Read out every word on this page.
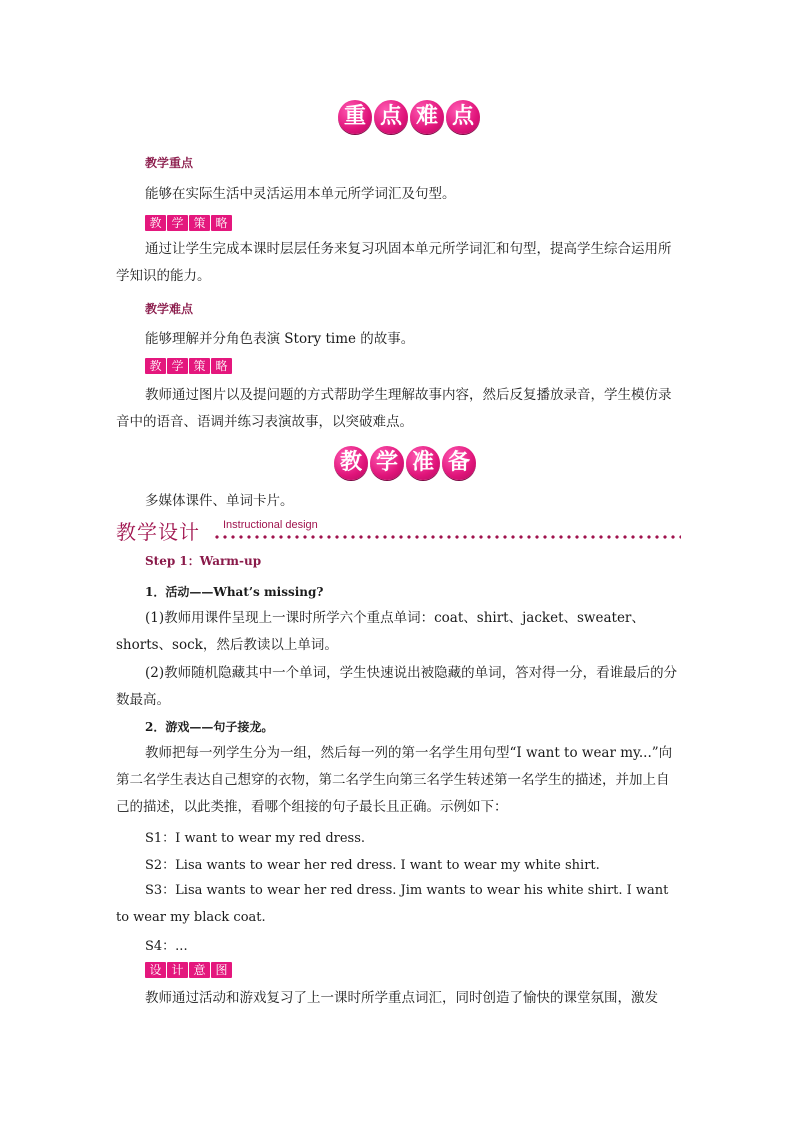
重 点 难 点
教学重点
能够在实际生活中灵活运用本单元所学词汇及句型。
教 学 策 略
通过让学生完成本课时层层任务来复习巩固本单元所学词汇和句型，提高学生综合运用所学知识的能力。
教学难点
能够理解并分角色表演 Story time 的故事。
教 学 策 略
教师通过图片以及提问题的方式帮助学生理解故事内容，然后反复播放录音，学生模仿录音中的语音、语调并练习表演故事，以突破难点。
教 学 准 备
多媒体课件、单词卡片。
教学设计 Instructional design
Step 1：Warm-up
1．活动——What’s missing?
(1)教师用课件呈现上一课时所学六个重点单词：coat、shirt、jacket、sweater、shorts、sock，然后教读以上单词。
(2)教师随机隐藏其中一个单词，学生快速说出被隐藏的单词，答对得一分，看谁最后的分数最高。
2．游戏——句子接龙。
教师把每一列学生分为一组，然后每一列的第一名学生用句型“I want to wear my...”向第二名学生表达自己想穿的衣物，第二名学生向第三名学生转述第一名学生的描述，并加上自己的描述，以此类推，看哪个组接的句子最长且正确。示例如下：
S1：I want to wear my red dress.
S2：Lisa wants to wear her red dress. I want to wear my white shirt.
S3：Lisa wants to wear her red dress. Jim wants to wear his white shirt. I want to wear my black coat.
S4：...
设 计 意 图
教师通过活动和游戏复习了上一课时所学重点词汇，同时创造了愉快的课堂氛围，激发
